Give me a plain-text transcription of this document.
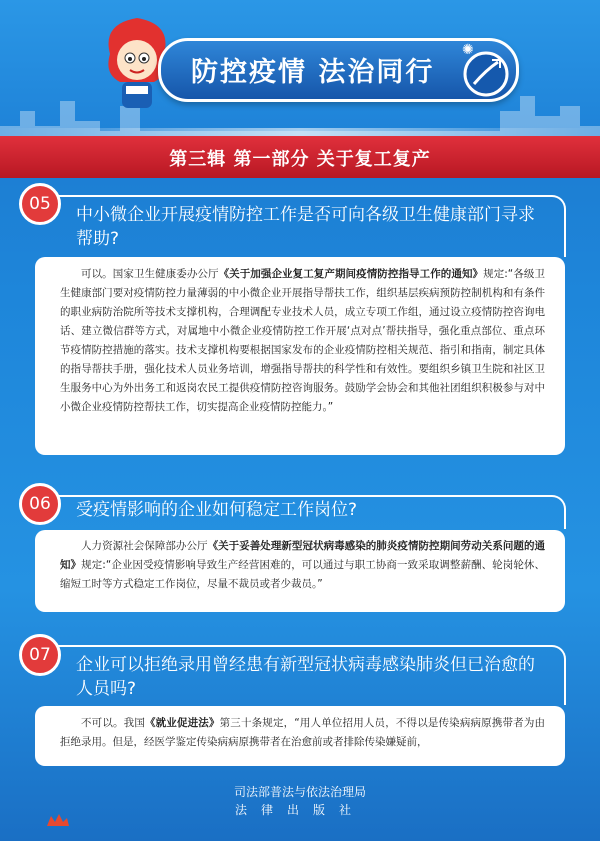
防控疫情 法治同行
✺
第三辑 第一部分 关于复工复产
05
中小微企业开展疫情防控工作是否可向各级卫生健康部门寻求
帮助?
可以。国家卫生健康委办公厅《关于加强企业复工复产期间疫情防控指导工作的通知》规定:“各级卫生健康部门要对疫情防控力量薄弱的中小微企业开展指导帮扶工作，组织基层疾病预防控制机构和有条件的职业病防治院所等技术支撑机构，合理调配专业技术人员，成立专项工作组，通过设立疫情防控咨询电话、建立微信群等方式，对属地中小微企业疫情防控工作开展‘点对点’帮扶指导，强化重点部位、重点环节疫情防控措施的落实。技术支撑机构要根据国家发布的企业疫情防控相关规范、指引和指南，制定具体的指导帮扶手册，强化技术人员业务培训，增强指导帮扶的科学性和有效性。要组织乡镇卫生院和社区卫生服务中心为外出务工和返岗农民工提供疫情防控咨询服务。鼓励学会协会和其他社团组织积极参与对中小微企业疫情防控帮扶工作，切实提高企业疫情防控能力。”
06	受疫情影响的企业如何稳定工作岗位?
人力资源社会保障部办公厅《关于妥善处理新型冠状病毒感染的肺炎疫情防控期间劳动关系问题的通知》规定:“企业因受疫情影响导致生产经营困难的，可以通过与职工协商一致采取调整薪酬、轮岗轮休、缩短工时等方式稳定工作岗位，尽量不裁员或者少裁员。”
07	企业可以拒绝录用曾经患有新型冠状病毒感染肺炎但已治愈的
人员吗?
不可以。我国《就业促进法》第三十条规定，“用人单位招用人员，不得以是传染病病原携带者为由拒绝录用。但是，经医学鉴定传染病病原携带者在治愈前或者排除传染嫌疑前，
司法部普法与依法治理局
法律出版社
